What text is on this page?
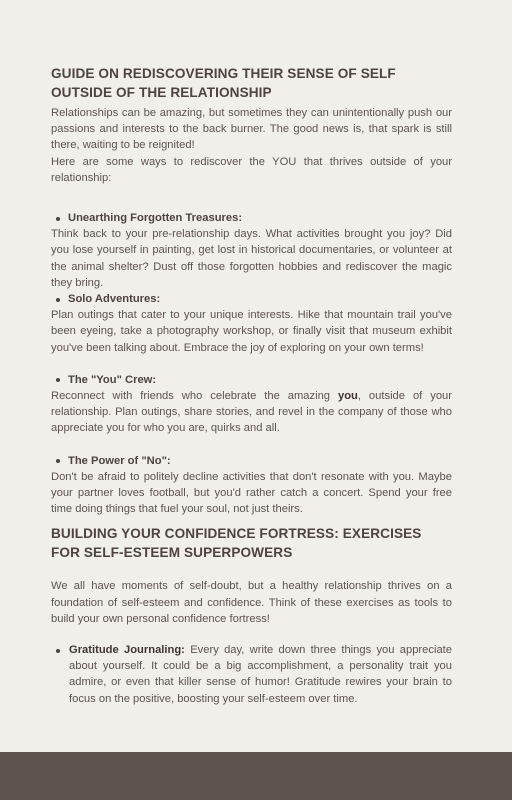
GUIDE ON REDISCOVERING THEIR SENSE OF SELF OUTSIDE OF THE RELATIONSHIP

Relationships can be amazing, but sometimes they can unintentionally push our passions and interests to the back burner. The good news is, that spark is still there, waiting to be reignited!

Here are some ways to rediscover the YOU that thrives outside of your relationship:

Unearthing Forgotten Treasures:

Think back to your pre-relationship days. What activities brought you joy? Did you lose yourself in painting, get lost in historical documentaries, or volunteer at the animal shelter? Dust off those forgotten hobbies and rediscover the magic they bring.

Solo Adventures:

Plan outings that cater to your unique interests. Hike that mountain trail you've been eyeing, take a photography workshop, or finally visit that museum exhibit you've been talking about. Embrace the joy of exploring on your own terms!

The "You" Crew:

Reconnect with friends who celebrate the amazing you, outside of your relationship. Plan outings, share stories, and revel in the company of those who appreciate you for who you are, quirks and all.

The Power of "No":

Don't be afraid to politely decline activities that don't resonate with you. Maybe your partner loves football, but you'd rather catch a concert. Spend your free time doing things that fuel your soul, not just theirs.

BUILDING YOUR CONFIDENCE FORTRESS: EXERCISES FOR SELF-ESTEEM SUPERPOWERS

We all have moments of self-doubt, but a healthy relationship thrives on a foundation of self-esteem and confidence. Think of these exercises as tools to build your own personal confidence fortress!

Gratitude Journaling: Every day, write down three things you appreciate about yourself. It could be a big accomplishment, a personality trait you admire, or even that killer sense of humor! Gratitude rewires your brain to focus on the positive, boosting your self-esteem over time.
